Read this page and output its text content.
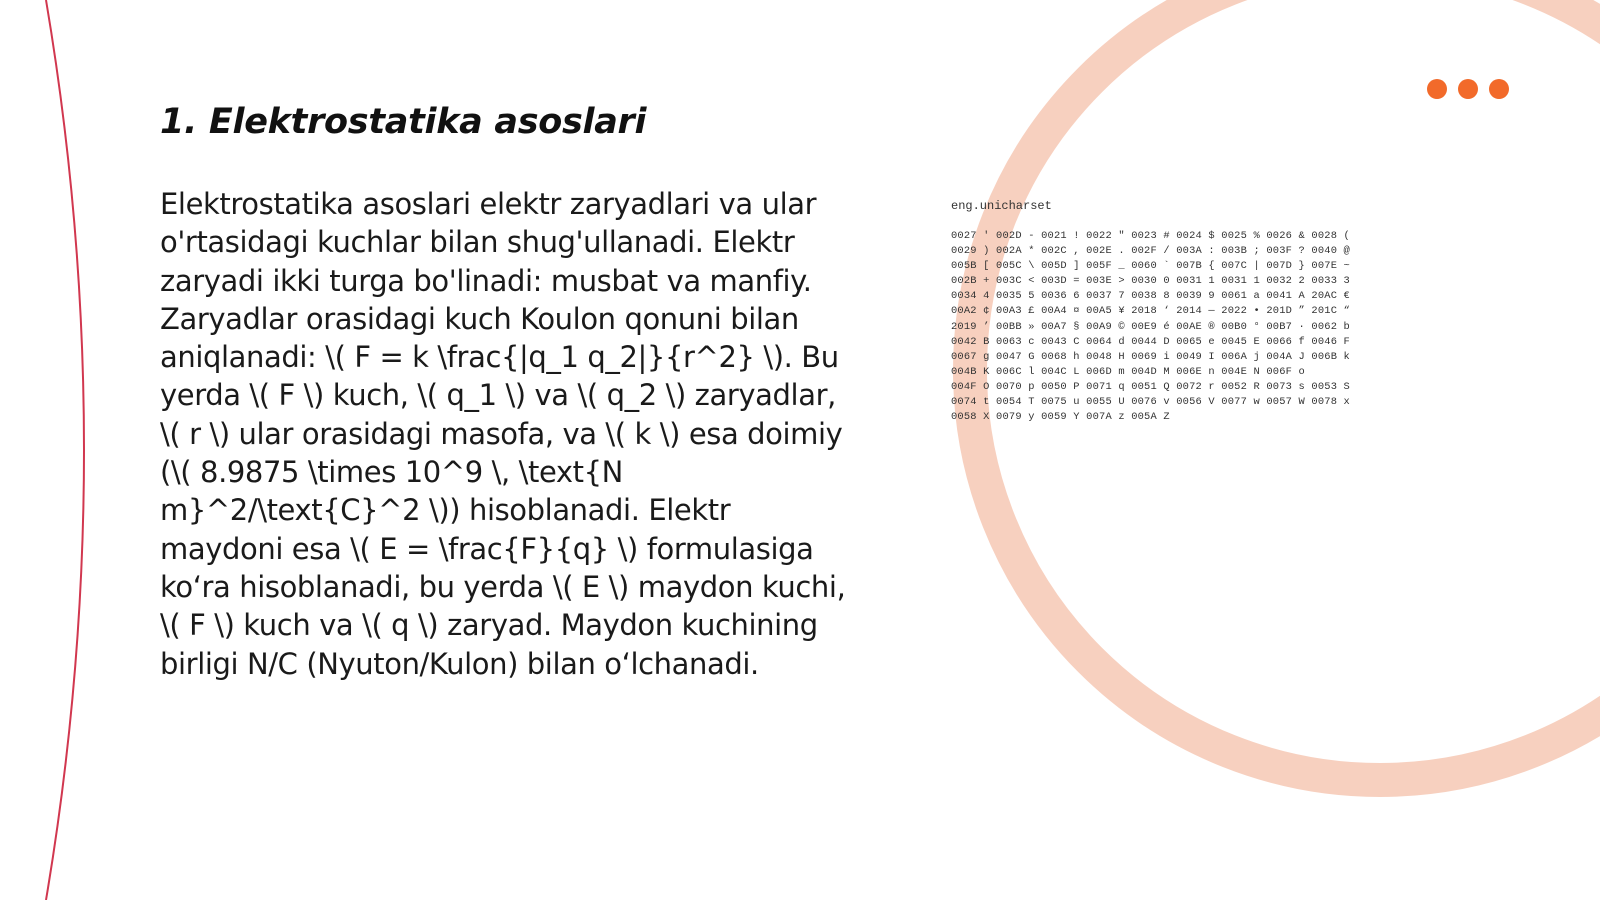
1. Elektrostatika asoslari

Elektrostatika asoslari elektr zaryadlari va ular o'rtasidagi kuchlar bilan shug'ullanadi. Elektr zaryadi ikki turga bo'linadi: musbat va manfiy. Zaryadlar orasidagi kuch Koulon qonuni bilan aniqlanadi: \( F = k \frac{|q_1 q_2|}{r^2} \). Bu yerda \( F \) kuch, \( q_1 \) va \( q_2 \) zaryadlar, \( r \) ular orasidagi masofa, va \( k \) esa doimiy (\( 8.9875 \times 10^9 \, \text{N m}^2/\text{C}^2 \)) hisoblanadi. Elektr maydoni esa \( E = \frac{F}{q} \) formulasiga ko‘ra hisoblanadi, bu yerda \( E \) maydon kuchi, \( F \) kuch va \( q \) zaryad. Maydon kuchining birligi N/C (Nyuton/Kulon) bilan o‘lchanadi.

eng.unicharset

0027 ' 002D - 0021 ! 0022 " 0023 # 0024 $ 0025 % 0026 & 0028 (
0029 ) 002A * 002C , 002E . 002F / 003A : 003B ; 003F ? 0040 @
005B [ 005C \ 005D ] 005F _ 0060 ` 007B { 007C | 007D } 007E ~
002B + 003C < 003D = 003E > 0030 0 0031 1 0031 1 0032 2 0033 3
0034 4 0035 5 0036 6 0037 7 0038 8 0039 9 0061 a 0041 A 20AC €
00A2 ¢ 00A3 £ 00A4 ¤ 00A5 ¥ 2018 ‘ 2014 — 2022 • 201D ” 201C “
2019 ’ 00BB » 00A7 § 00A9 © 00E9 é 00AE ® 00B0 ° 00B7 · 0062 b
0042 B 0063 c 0043 C 0064 d 0044 D 0065 e 0045 E 0066 f 0046 F
0067 g 0047 G 0068 h 0048 H 0069 i 0049 I 006A j 004A J 006B k
004B K 006C l 004C L 006D m 004D M 006E n 004E N 006F o
004F O 0070 p 0050 P 0071 q 0051 Q 0072 r 0052 R 0073 s 0053 S
0074 t 0054 T 0075 u 0055 U 0076 v 0056 V 0077 w 0057 W 0078 x
0058 X 0079 y 0059 Y 007A z 005A Z
